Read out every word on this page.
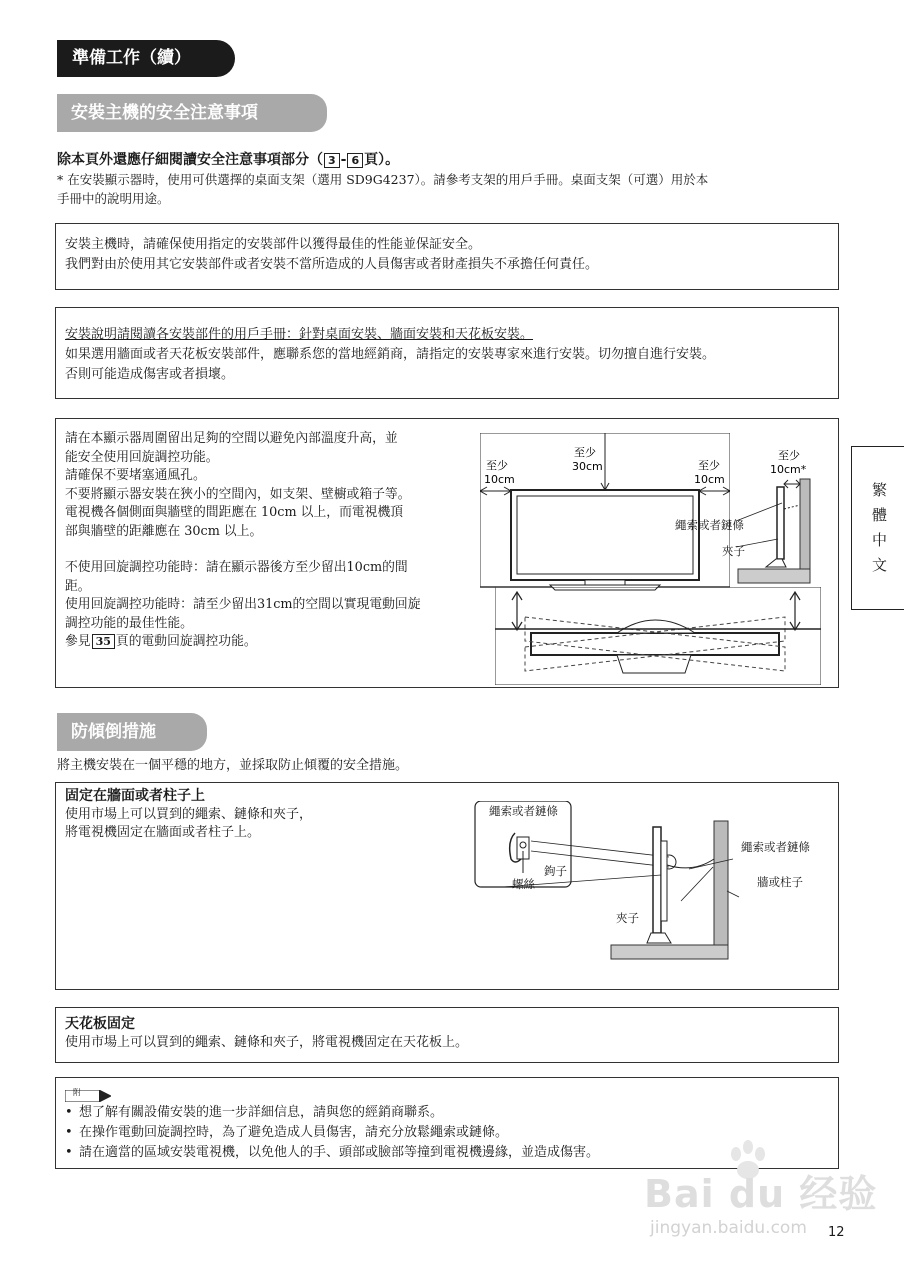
準備工作（續）
安裝主機的安全注意事項
除本頁外還應仔細閱讀安全注意事項部分（ 3 - 6 頁）。
* 在安裝顯示器時，使用可供選擇的桌面支架（選用 SD9G4237）。請參考支架的用戶手冊。桌面支架（可選）用於本
手冊中的說明用途。
安裝主機時，請確保使用指定的安裝部件以獲得最佳的性能並保証安全。
我們對由於使用其它安裝部件或者安裝不當所造成的人員傷害或者財產損失不承擔任何責任。
安裝說明請閱讀各安裝部件的用戶手冊：針對桌面安裝、牆面安裝和天花板安裝。
如果選用牆面或者天花板安裝部件，應聯系您的當地經銷商，請指定的安裝專家來進行安裝。切勿擅自進行安裝。
否則可能造成傷害或者損壞。
請在本顯示器周圍留出足夠的空間以避免內部溫度升高，並
能安全使用回旋調控功能。
請確保不要堵塞通風孔。
不要將顯示器安裝在狹小的空間內，如支架、壁櫥或箱子等。
電視機各個側面與牆壁的間距應在 10cm 以上，而電視機頂
部與牆壁的距離應在 30cm 以上。
不使用回旋調控功能時：請在顯示器後方至少留出10cm的間
距。
使用回旋調控功能時：請至少留出31cm的空間以實現電動回旋
調控功能的最佳性能。
參見 35 頁的電動回旋調控功能。
至少
10cm
至少
30cm	至少
10cm
至少
10cm*
繩索或者鏈條
夾子
防傾倒措施
將主機安裝在一個平穩的地方，並採取防止傾覆的安全措施。
固定在牆面或者柱子上
使用市場上可以買到的繩索、鏈條和夾子，
將電視機固定在牆面或者柱子上。
繩索或者鏈條
鉤子
螺絲
繩索或者鏈條
牆或柱子
夾子
天花板固定
使用市場上可以買到的繩索、鏈條和夾子，將電視機固定在天花板上。
附
• 想了解有關設備安裝的進一步詳細信息，請與您的經銷商聯系。
• 在操作電動回旋調控時，為了避免造成人員傷害，請充分放鬆繩索或鏈條。
• 請在適當的區域安裝電視機，以免他人的手、頭部或臉部等撞到電視機邊緣，並造成傷害。
繁
體
中
文
Bai du 经验
jingyan.baidu.com 12
